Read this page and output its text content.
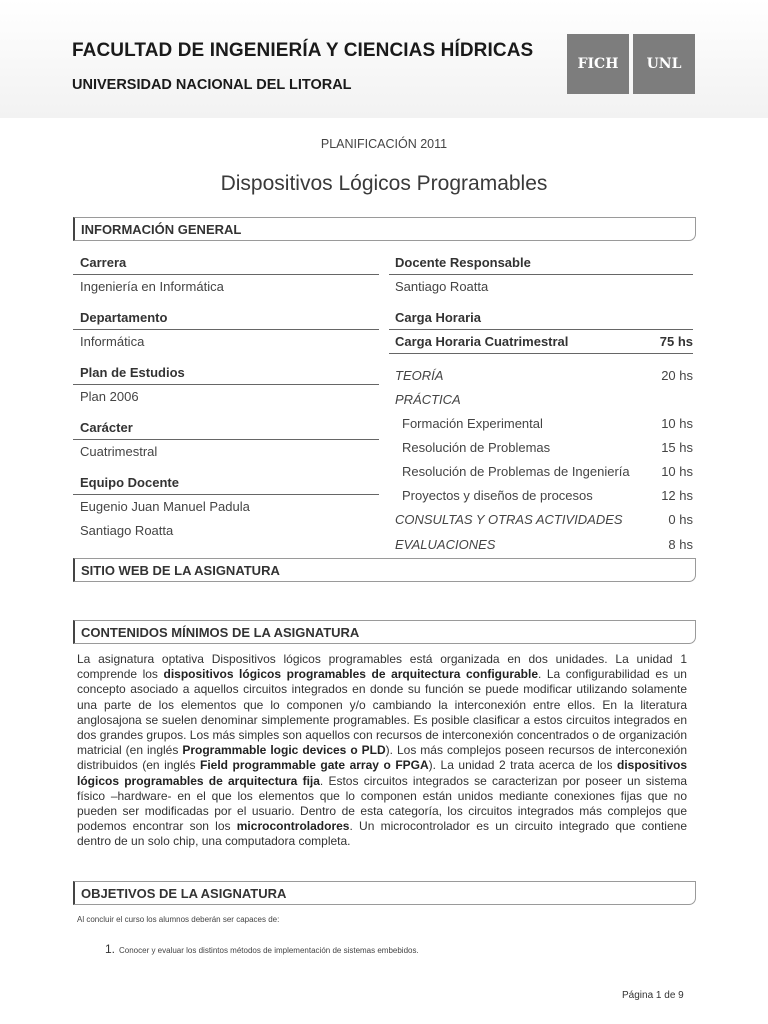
FACULTAD DE INGENIERÍA Y CIENCIAS HÍDRICAS
UNIVERSIDAD NACIONAL DEL LITORAL
FICH	UNL
PLANIFICACIÓN 2011
Dispositivos Lógicos Programables
INFORMACIÓN GENERAL
Carrera
Ingeniería en Informática
Departamento
Informática
Plan de Estudios
Plan 2006
Carácter
Cuatrimestral
Equipo Docente
Eugenio Juan Manuel Padula
Santiago Roatta
Docente Responsable
Santiago Roatta
Carga Horaria
Carga Horaria Cuatrimestral	75 hs
TEORÍA	20 hs
PRÁCTICA
Formación Experimental	10 hs
Resolución de Problemas	15 hs
Resolución de Problemas de Ingeniería 10 hs
Proyectos y diseños de procesos	12 hs
CONSULTAS Y OTRAS ACTIVIDADES	0 hs
EVALUACIONES	8 hs
SITIO WEB DE LA ASIGNATURA
CONTENIDOS MÍNIMOS DE LA ASIGNATURA
La asignatura optativa Dispositivos lógicos programables está organizada en dos unidades. La unidad 1 comprende los dispositivos lógicos programables de arquitectura configurable. La configurabilidad es un concepto asociado a aquellos circuitos integrados en donde su función se puede modificar utilizando solamente una parte de los elementos que lo componen y/o cambiando la interconexión entre ellos. En la literatura anglosajona se suelen denominar simplemente programables. Es posible clasificar a estos circuitos integrados en dos grandes grupos. Los más simples son aquellos con recursos de interconexión concentrados o de organización matricial (en inglés Programmable logic devices o PLD). Los más complejos poseen recursos de interconexión distribuidos (en inglés Field programmable gate array o FPGA). La unidad 2 trata acerca de los dispositivos lógicos programables de arquitectura fija. Estos circuitos integrados se caracterizan por poseer un sistema físico –hardware- en el que los elementos que lo componen están unidos mediante conexiones fijas que no pueden ser modificadas por el usuario. Dentro de esta categoría, los circuitos integrados más complejos que podemos encontrar son los microcontroladores. Un microcontrolador es un circuito integrado que contiene dentro de un solo chip, una computadora completa.
OBJETIVOS DE LA ASIGNATURA
Al concluir el curso los alumnos deberán ser capaces de:
1. Conocer y evaluar los distintos métodos de implementación de sistemas embebidos.
Página 1 de 9
